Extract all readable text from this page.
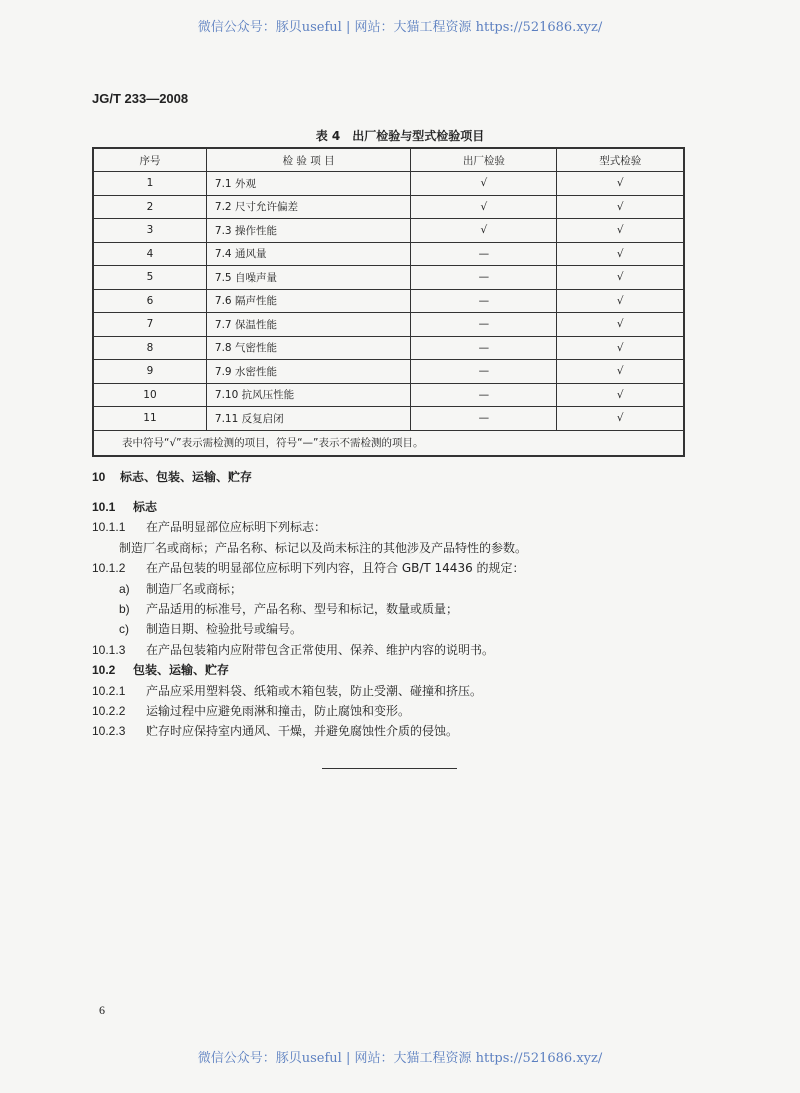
微信公众号：豚贝useful | 网站：大猫工程资源 https://521686.xyz/
JG/T 233—2008
表 4　出厂检验与型式检验项目
序号	检 验 项 目	出厂检验	型式检验
1	7.1 外观	√	√
2	7.2 尺寸允许偏差	√	√
3	7.3 操作性能	√	√
4	7.4 通风量	—	√
5	7.5 自噪声量	—	√
6	7.6 隔声性能	—	√
7	7.7 保温性能	—	√
8	7.8 气密性能	—	√
9	7.9 水密性能	—	√
10	7.10 抗风压性能	—	√
11	7.11 反复启闭	—	√
表中符号“√”表示需检测的项目，符号“—”表示不需检测的项目。			
10 标志、包装、运输、贮存
10.1 标志
10.1.1 在产品明显部位应标明下列标志：
制造厂名或商标；产品名称、标记以及尚未标注的其他涉及产品特性的参数。
10.1.2 在产品包装的明显部位应标明下列内容，且符合 GB/T 14436 的规定：
a) 制造厂名或商标；
b) 产品适用的标准号，产品名称、型号和标记，数量或质量；
c) 制造日期、检验批号或编号。
10.1.3 在产品包装箱内应附带包含正常使用、保养、维护内容的说明书。
10.2 包装、运输、贮存
10.2.1 产品应采用塑料袋、纸箱或木箱包装，防止受潮、碰撞和挤压。
10.2.2 运输过程中应避免雨淋和撞击，防止腐蚀和变形。
10.2.3 贮存时应保持室内通风、干燥，并避免腐蚀性介质的侵蚀。
6
微信公众号：豚贝useful | 网站：大猫工程资源 https://521686.xyz/
